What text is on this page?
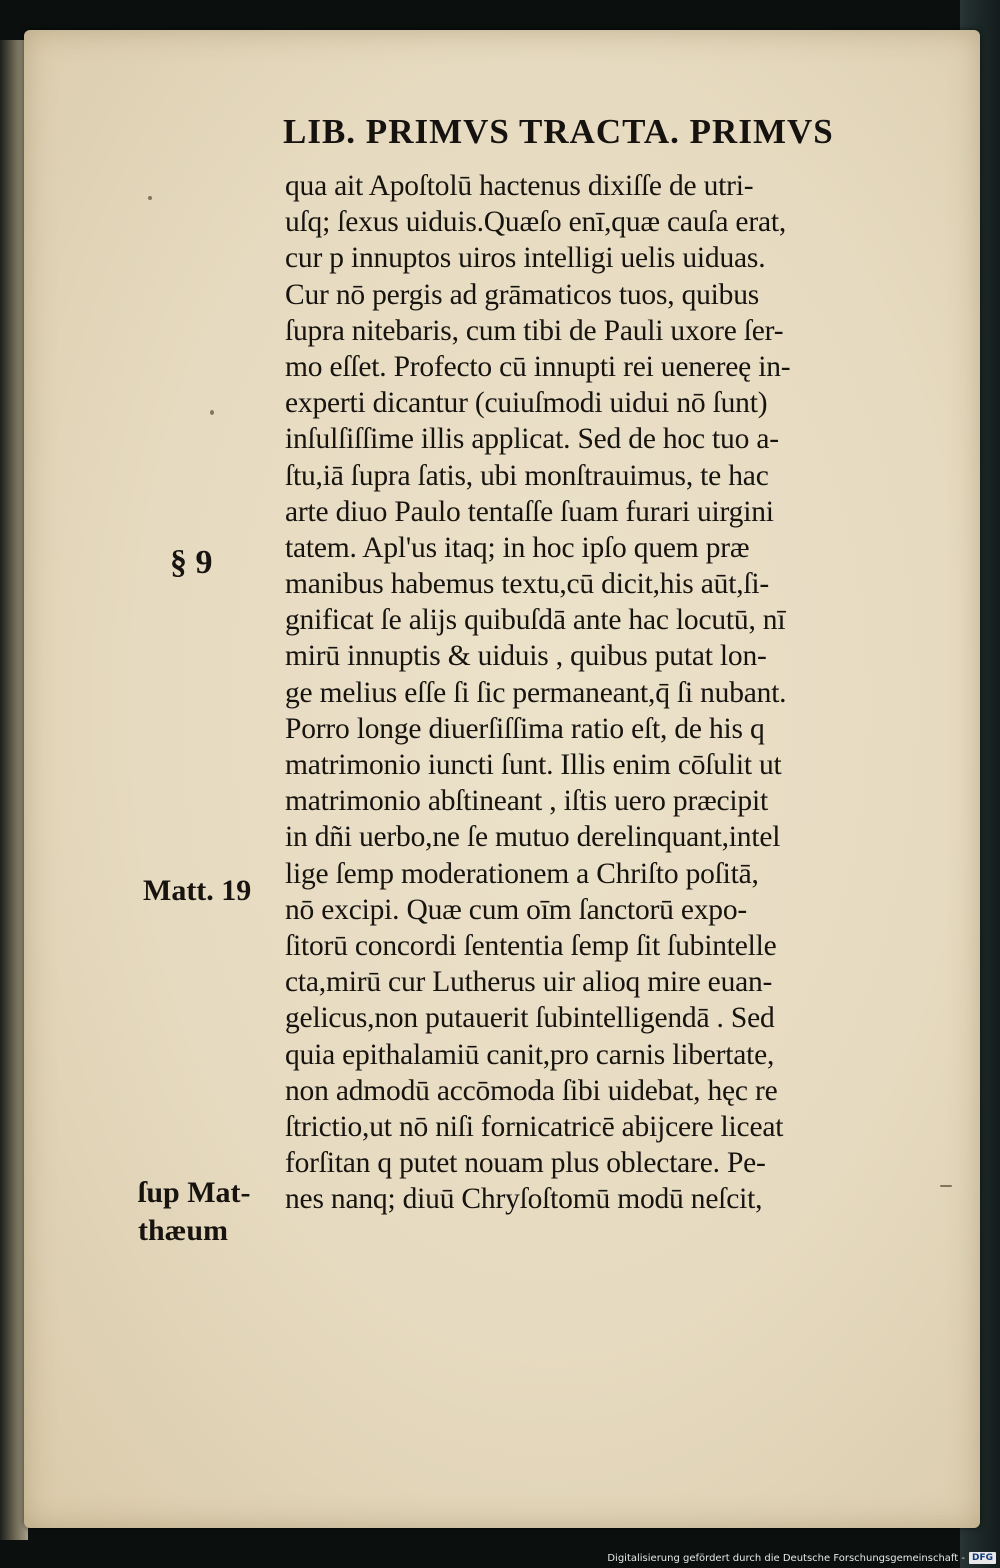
LIB. PRIMVS TRACTA. PRIMVS
qua ait Apoſtolū hactenus dixiſſe de utri-
uſq; ſexus uiduis.Quæſo enī,quæ cauſa erat,
cur p innuptos uiros intelligi uelis uiduas.
Cur nō pergis ad grāmaticos tuos, quibus
ſupra nitebaris, cum tibi de Pauli uxore ſer-
mo eſſet. Profecto cū innupti rei uenereę in-
experti dicantur (cuiuſmodi uidui nō ſunt)
inſulſiſſime illis applicat. Sed de hoc tuo a-
ſtu,iā ſupra ſatis, ubi monſtrauimus, te hac
arte diuo Paulo tentaſſe ſuam furari uirgini
tatem. Apl'us itaq; in hoc ipſo quem præ
manibus habemus textu,cū dicit,his aūt,ſi-
gnificat ſe alijs quibuſdā ante hac locutū, nī
mirū innuptis & uiduis , quibus putat lon-
ge melius eſſe ſi ſic permaneant,q̄ ſi nubant.
Porro longe diuerſiſſima ratio eſt, de his q
matrimonio iuncti ſunt. Illis enim cōſulit ut
matrimonio abſtineant , iſtis uero præcipit
in dñi uerbo,ne ſe mutuo derelinquant,intel
lige ſemp moderationem a Chriſto poſitā,
nō excipi. Quæ cum oīm ſanctorū expo-
ſitorū concordi ſententia ſemp ſit ſubintelle
cta,mirū cur Lutherus uir alioq mire euan-
gelicus,non putauerit ſubintelligendā . Sed
quia epithalamiū canit,pro carnis libertate,
non admodū accōmoda ſibi uidebat, hęc re
ſtrictio,ut nō niſi fornicatricē abijcere liceat
forſitan q putet nouam plus oblectare. Pe-
nes nanq; diuū Chryſoſtomū modū neſcit,
§ 9
Matt. 19
ſup Mat-
thæum
Digitalisierung gefördert durch die Deutsche Forschungsgemeinschaft - DFG
